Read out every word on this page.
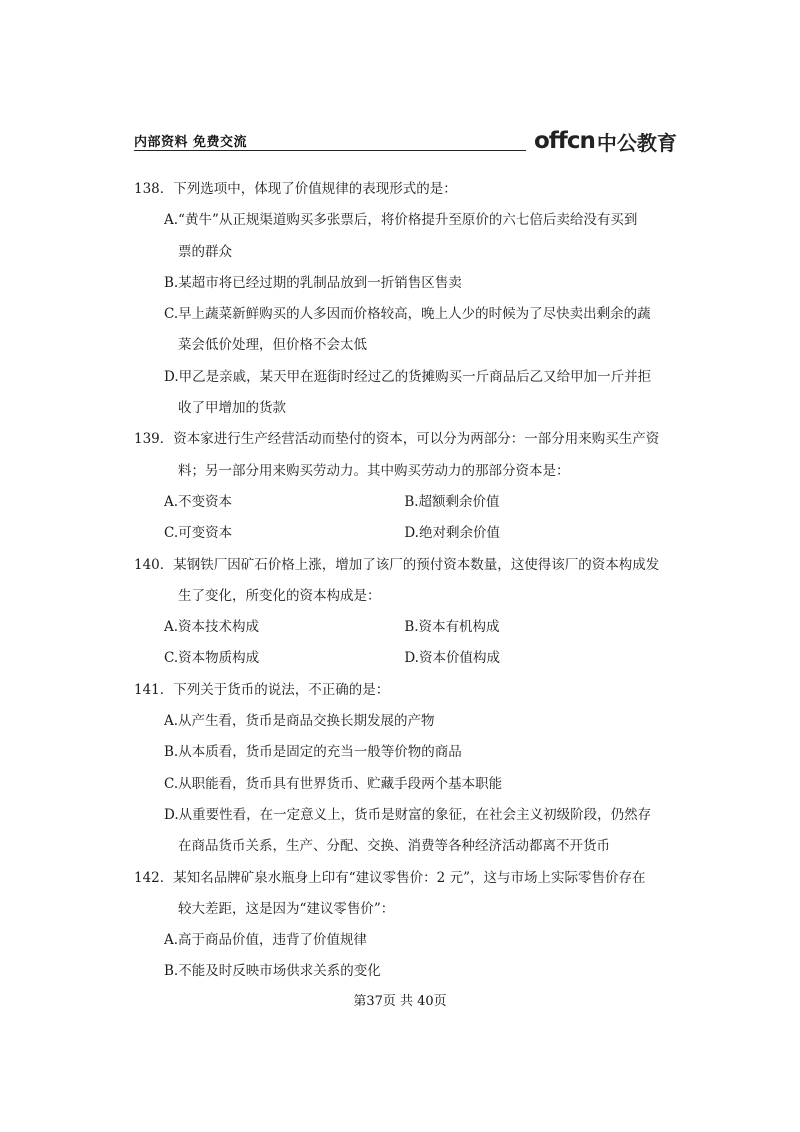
内部资料 免费交流	offcn 中公教育
138．下列选项中，体现了价值规律的表现形式的是：
A.“黄牛”从正规渠道购买多张票后，将价格提升至原价的六七倍后卖给没有买到
票的群众
B.某超市将已经过期的乳制品放到一折销售区售卖
C.早上蔬菜新鲜购买的人多因而价格较高，晚上人少的时候为了尽快卖出剩余的蔬
菜会低价处理，但价格不会太低
D.甲乙是亲戚，某天甲在逛街时经过乙的货摊购买一斤商品后乙又给甲加一斤并拒
收了甲增加的货款
139．资本家进行生产经营活动而垫付的资本，可以分为两部分：一部分用来购买生产资
料；另一部分用来购买劳动力。其中购买劳动力的那部分资本是：
A.不变资本	B.超额剩余价值
C.可变资本	D.绝对剩余价值
140．某钢铁厂因矿石价格上涨，增加了该厂的预付资本数量，这使得该厂的资本构成发
生了变化，所变化的资本构成是：
A.资本技术构成	B.资本有机构成
C.资本物质构成	D.资本价值构成
141．下列关于货币的说法，不正确的是：
A.从产生看，货币是商品交换长期发展的产物
B.从本质看，货币是固定的充当一般等价物的商品
C.从职能看，货币具有世界货币、贮藏手段两个基本职能
D.从重要性看，在一定意义上，货币是财富的象征，在社会主义初级阶段，仍然存
在商品货币关系，生产、分配、交换、消费等各种经济活动都离不开货币
142．某知名品牌矿泉水瓶身上印有“建议零售价：2 元”，这与市场上实际零售价存在
较大差距，这是因为“建议零售价”：
A.高于商品价值，违背了价值规律
B.不能及时反映市场供求关系的变化
第37页 共 40页
